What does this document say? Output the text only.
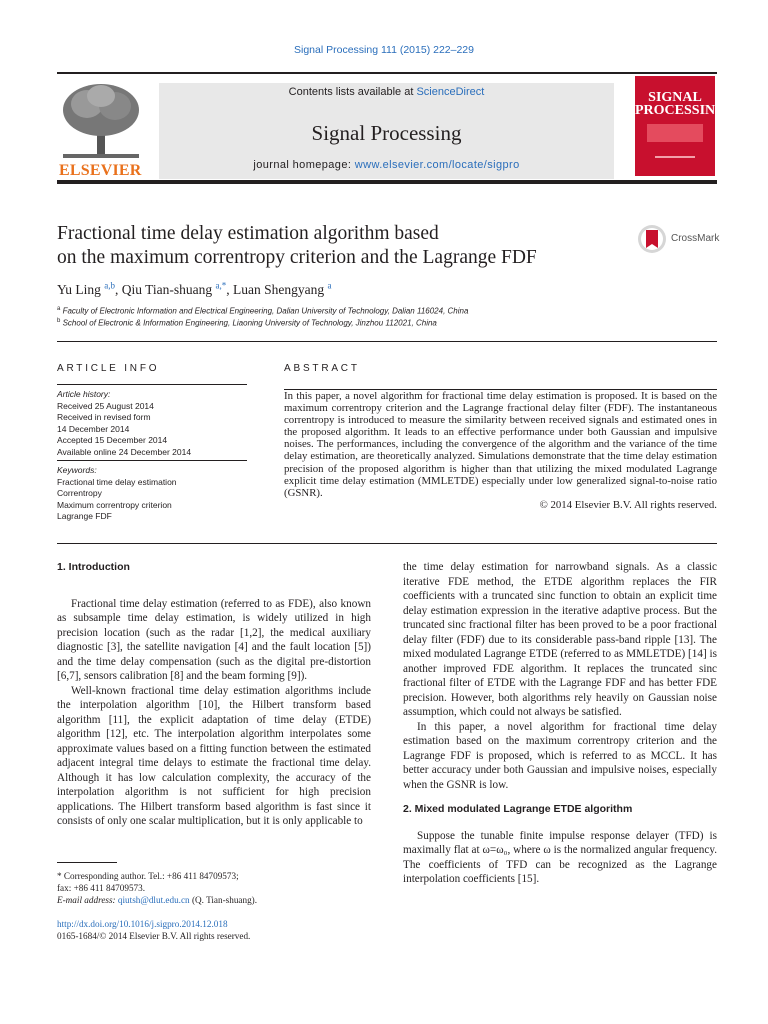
Signal Processing 111 (2015) 222–229
ELSEVIER
Contents lists available at ScienceDirect
Signal Processing
journal homepage: www.elsevier.com/locate/sigpro
SIGNAL PROCESSING
Fractional time delay estimation algorithm based
on the maximum correntropy criterion and the Lagrange FDF
CrossMark
Yu Ling $^{a,b}$, Qiu Tian-shuang $^{a,*}$, Luan Shengyang $^a$
$^a$ Faculty of Electronic Information and Electrical Engineering, Dalian University of Technology, Dalian 116024, China
$^b$ School of Electronic & Information Engineering, Liaoning University of Technology, Jinzhou 112021, China
ARTICLE INFO	ABSTRACT
Article history:
Received 25 August 2014
Received in revised form
14 December 2014
Accepted 15 December 2014
Available online 24 December 2014
Keywords:
Fractional time delay estimation
Correntropy
Maximum correntropy criterion
Lagrange FDF

In this paper, a novel algorithm for fractional time delay estimation is proposed. It is based on the maximum correntropy criterion and the Lagrange fractional delay filter (FDF). The instantaneous correntropy is introduced to measure the similarity between received signals and estimated ones in the proposed algorithm. It leads to an effective performance under both Gaussian and impulsive noises. The performances, including the convergence of the algorithm and the variance of the time delay estimation, are theoretically analyzed. Simulations demonstrate that the time delay estimation precision of the proposed algorithm is higher than that utilizing the mixed modulated Lagrange explicit time delay estimation (MMLETDE) especially under low generalized signal-to-noise ratio (GSNR).

© 2014 Elsevier B.V. All rights reserved.

1. Introduction

Fractional time delay estimation (referred to as FDE), also known as subsample time delay estimation, is widely utilized in high precision location (such as the radar [1,2], the medical auxiliary diagnostic [3], the satellite navigation [4] and the fault location [5]) and the time delay compensation (such as the digital pre-distortion [6,7], sensors calibration [8] and the beam forming [9]).

Well-known fractional time delay estimation algorithms include the interpolation algorithm [10], the Hilbert transform based algorithm [11], the explicit adaptation of time delay (ETDE) algorithm [12], etc. The interpolation algorithm interpolates some approximate values based on a fitting function between the estimated adjacent integral time delays to estimate the fractional time delay. Although it has low calculation complexity, the accuracy of the interpolation algorithm is not sufficient for high precision applications. The Hilbert transform based algorithm is fast since it consists of only one scalar multiplication, but it is only applicable to

the time delay estimation for narrowband signals. As a classic iterative FDE method, the ETDE algorithm replaces the FIR coefficients with a truncated sinc function to obtain an explicit time delay estimation expression in the iterative adaptive process. But the truncated sinc fractional filter has been proved to be a poor fractional delay filter (FDF) due to its considerable pass-band ripple [13]. The mixed modulated Lagrange ETDE (referred to as MMLETDE) [14] is another improved FDE algorithm. It replaces the truncated sinc fractional filter of ETDE with the Lagrange FDF and has better FDE precision. However, both algorithms rely heavily on Gaussian noise assumption, which could not always be satisfied.

In this paper, a novel algorithm for fractional time delay estimation based on the maximum correntropy criterion and the Lagrange FDF is proposed, which is referred to as MCCL. It has better accuracy under both Gaussian and impulsive noises, especially when the GSNR is low.

2. Mixed modulated Lagrange ETDE algorithm

Suppose the tunable finite impulse response delayer (TFD) is maximally flat at ω=ω₀, where ω is the normalized angular frequency. The coefficients of TFD can be recognized as the Lagrange interpolation coefficients [15].

* Corresponding author. Tel.: +86 411 84709573;
fax: +86 411 84709573.
E-mail address: qiutsh@dlut.edu.cn (Q. Tian-shuang).
http://dx.doi.org/10.1016/j.sigpro.2014.12.018
0165-1684/© 2014 Elsevier B.V. All rights reserved.
